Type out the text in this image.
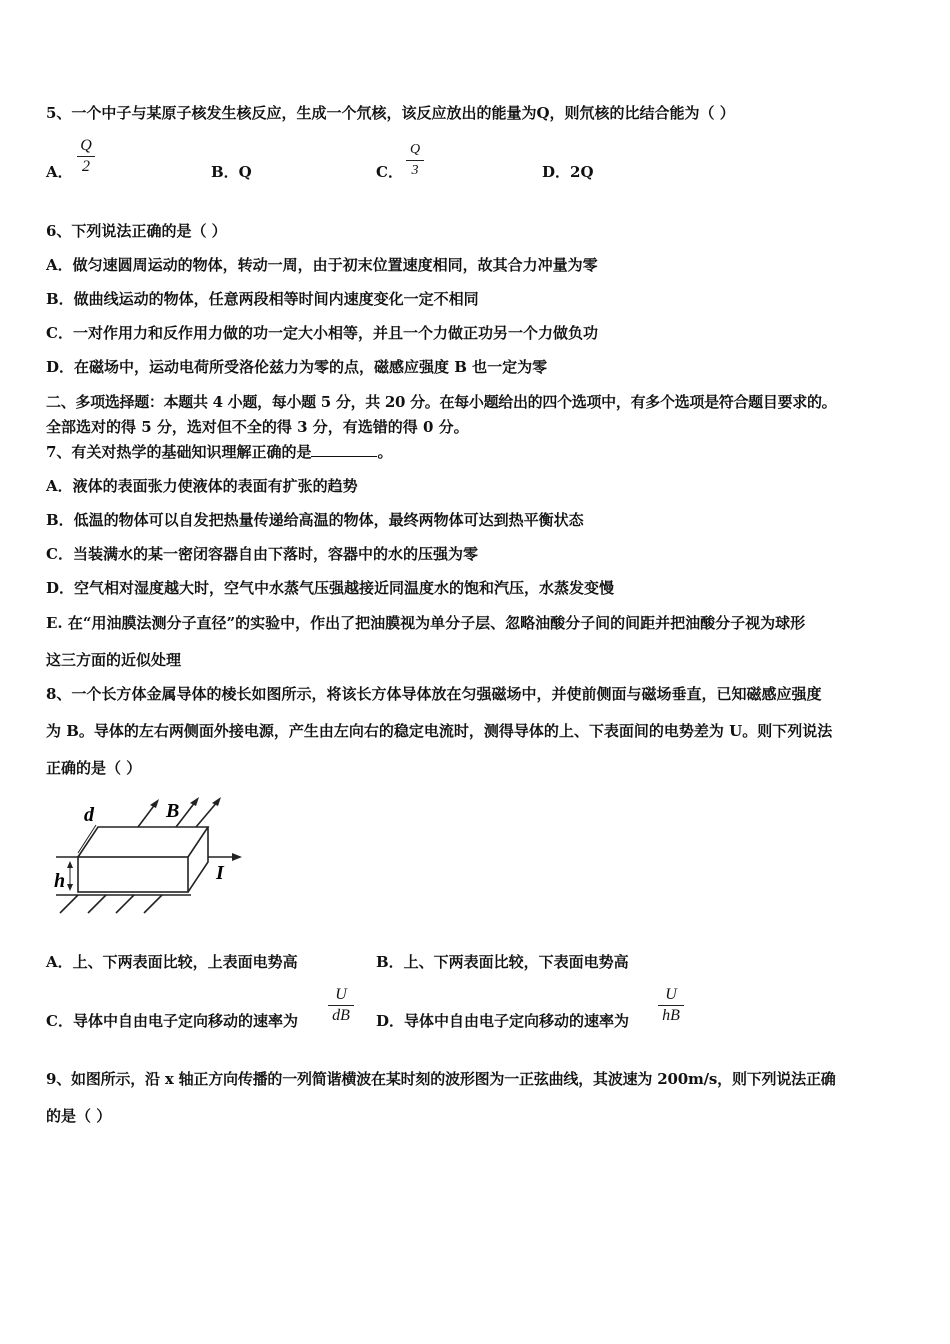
5、一个中子与某原子核发生核反应，生成一个氘核，该反应放出的能量为Q，则氘核的比结合能为（ ）
A．
Q
2	B．Q	C．
Q
3	D．2Q
6、下列说法正确的是（ ）
A．做匀速圆周运动的物体，转动一周，由于初末位置速度相同，故其合力冲量为零
B．做曲线运动的物体，任意两段相等时间内速度变化一定不相同
C．一对作用力和反作用力做的功一定大小相等，并且一个力做正功另一个力做负功
D．在磁场中，运动电荷所受洛伦兹力为零的点，磁感应强度 B 也一定为零
二、多项选择题：本题共 4 小题，每小题 5 分，共 20 分。在每小题给出的四个选项中，有多个选项是符合题目要求的。
全部选对的得 5 分，选对但不全的得 3 分，有选错的得 0 分。
7、有关对热学的基础知识理解正确的是	。
A．液体的表面张力使液体的表面有扩张的趋势
B．低温的物体可以自发把热量传递给高温的物体，最终两物体可达到热平衡状态
C．当装满水的某一密闭容器自由下落时，容器中的水的压强为零
D．空气相对湿度越大时，空气中水蒸气压强越接近同温度水的饱和汽压，水蒸发变慢
E. 在“用油膜法测分子直径”的实验中，作出了把油膜视为单分子层、忽略油酸分子间的间距并把油酸分子视为球形
这三方面的近似处理
8、一个长方体金属导体的棱长如图所示，将该长方体导体放在匀强磁场中，并使前侧面与磁场垂直，已知磁感应强度
为 B。导体的左右两侧面外接电源，产生由左向右的稳定电流时，测得导体的上、下表面间的电势差为 U。则下列说法
正确的是（ ）
d	B
h	I
A．上、下两表面比较，上表面电势高	B．上、下两表面比较，下表面电势高
C．导体中自由电子定向移动的速率为
U
dB D．导体中自由电子定向移动的速率为
U
hB
9、如图所示，沿 x 轴正方向传播的一列简谐横波在某时刻的波形图为一正弦曲线，其波速为 200m/s，则下列说法正确
的是（ ）
